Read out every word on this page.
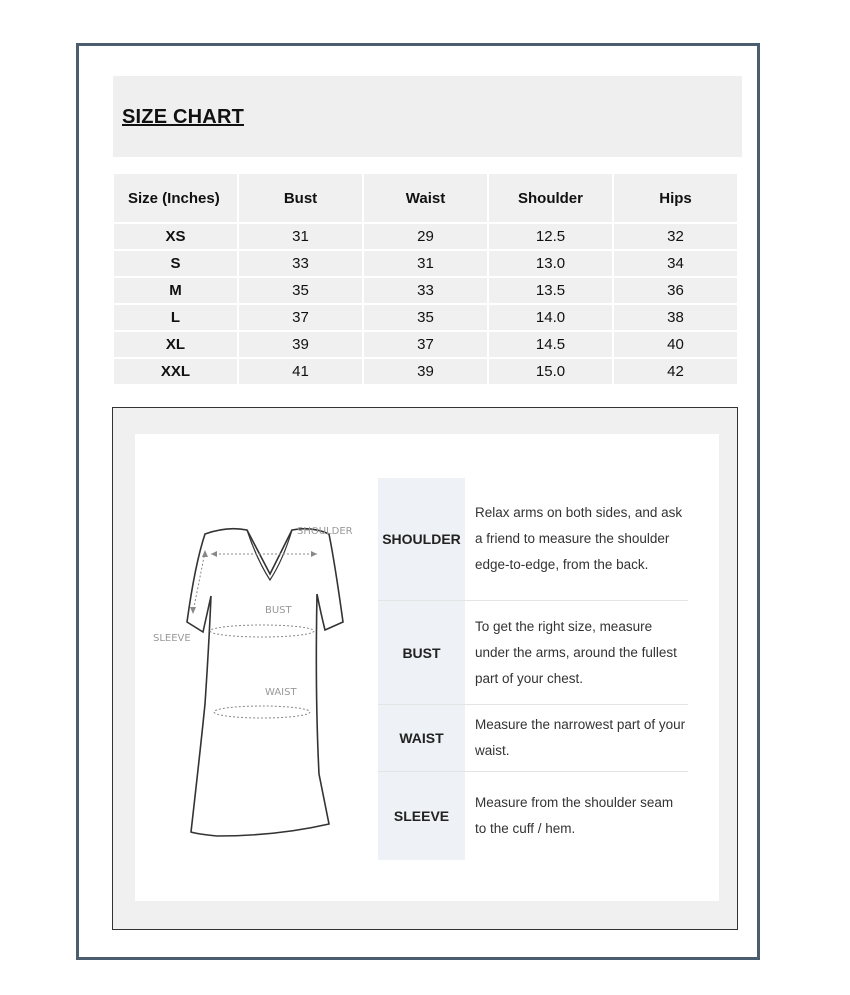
SIZE CHART
Size (Inches)	Bust	Waist	Shoulder	Hips
XS	31	29	12.5	32
S	33	31	13.0	34
M	35	33	13.5	36
L	37	35	14.0	38
XL	39	37	14.5	40
XXL	41	39	15.0	42
SHOULDER
BUST
WAIST
SLEEVE
SHOULDER
Relax arms on both sides, and ask a friend to measure the shoulder edge-to-edge, from the back.
BUST
To get the right size, measure under the arms, around the fullest part of your chest.
WAIST
Measure the narrowest part of your waist.
SLEEVE
Measure from the shoulder seam to the cuff / hem.
